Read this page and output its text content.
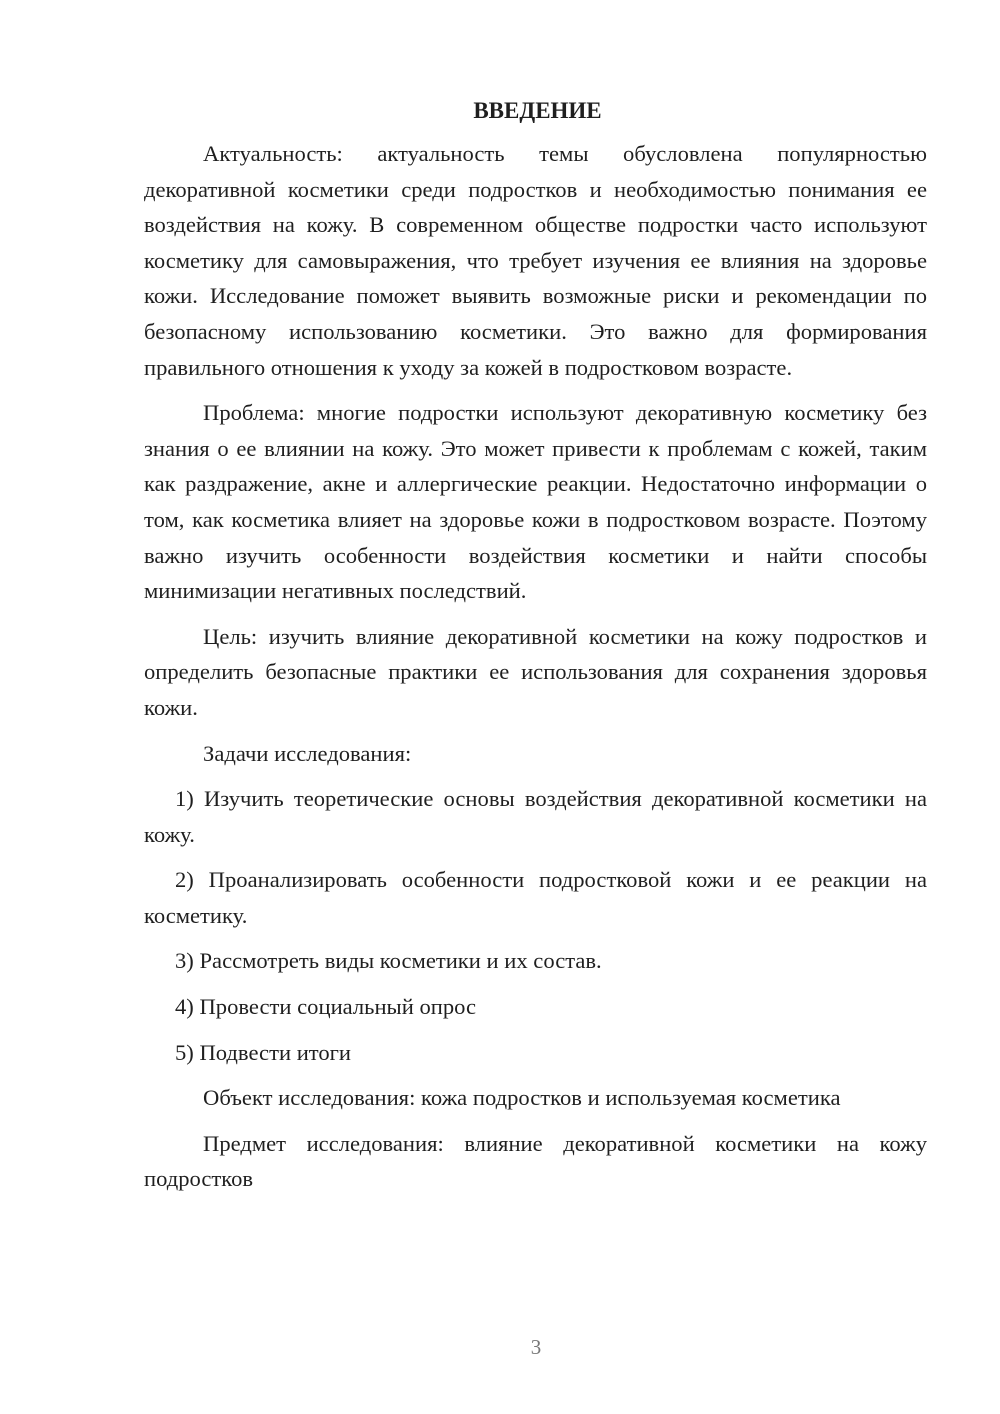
ВВЕДЕНИЕ

Актуальность: актуальность темы обусловлена популярностью декоративной косметики среди подростков и необходимостью понимания ее воздействия на кожу. В современном обществе подростки часто используют косметику для самовыражения, что требует изучения ее влияния на здоровье кожи. Исследование поможет выявить возможные риски и рекомендации по безопасному использованию косметики. Это важно для формирования правильного отношения к уходу за кожей в подростковом возрасте.

Проблема: многие подростки используют декоративную косметику без знания о ее влиянии на кожу. Это может привести к проблемам с кожей, таким как раздражение, акне и аллергические реакции. Недостаточно информации о том, как косметика влияет на здоровье кожи в подростковом возрасте. Поэтому важно изучить особенности воздействия косметики и найти способы минимизации негативных последствий.

Цель: изучить влияние декоративной косметики на кожу подростков и определить безопасные практики ее использования для сохранения здоровья кожи.

Задачи исследования:

1) Изучить теоретические основы воздействия декоративной косметики на кожу.

2) Проанализировать особенности подростковой кожи и ее реакции на косметику.

3) Рассмотреть виды косметики и их состав.

4) Провести социальный опрос

5) Подвести итоги

Объект исследования: кожа подростков и используемая косметика

Предмет исследования: влияние декоративной косметики на кожу подростков

3
